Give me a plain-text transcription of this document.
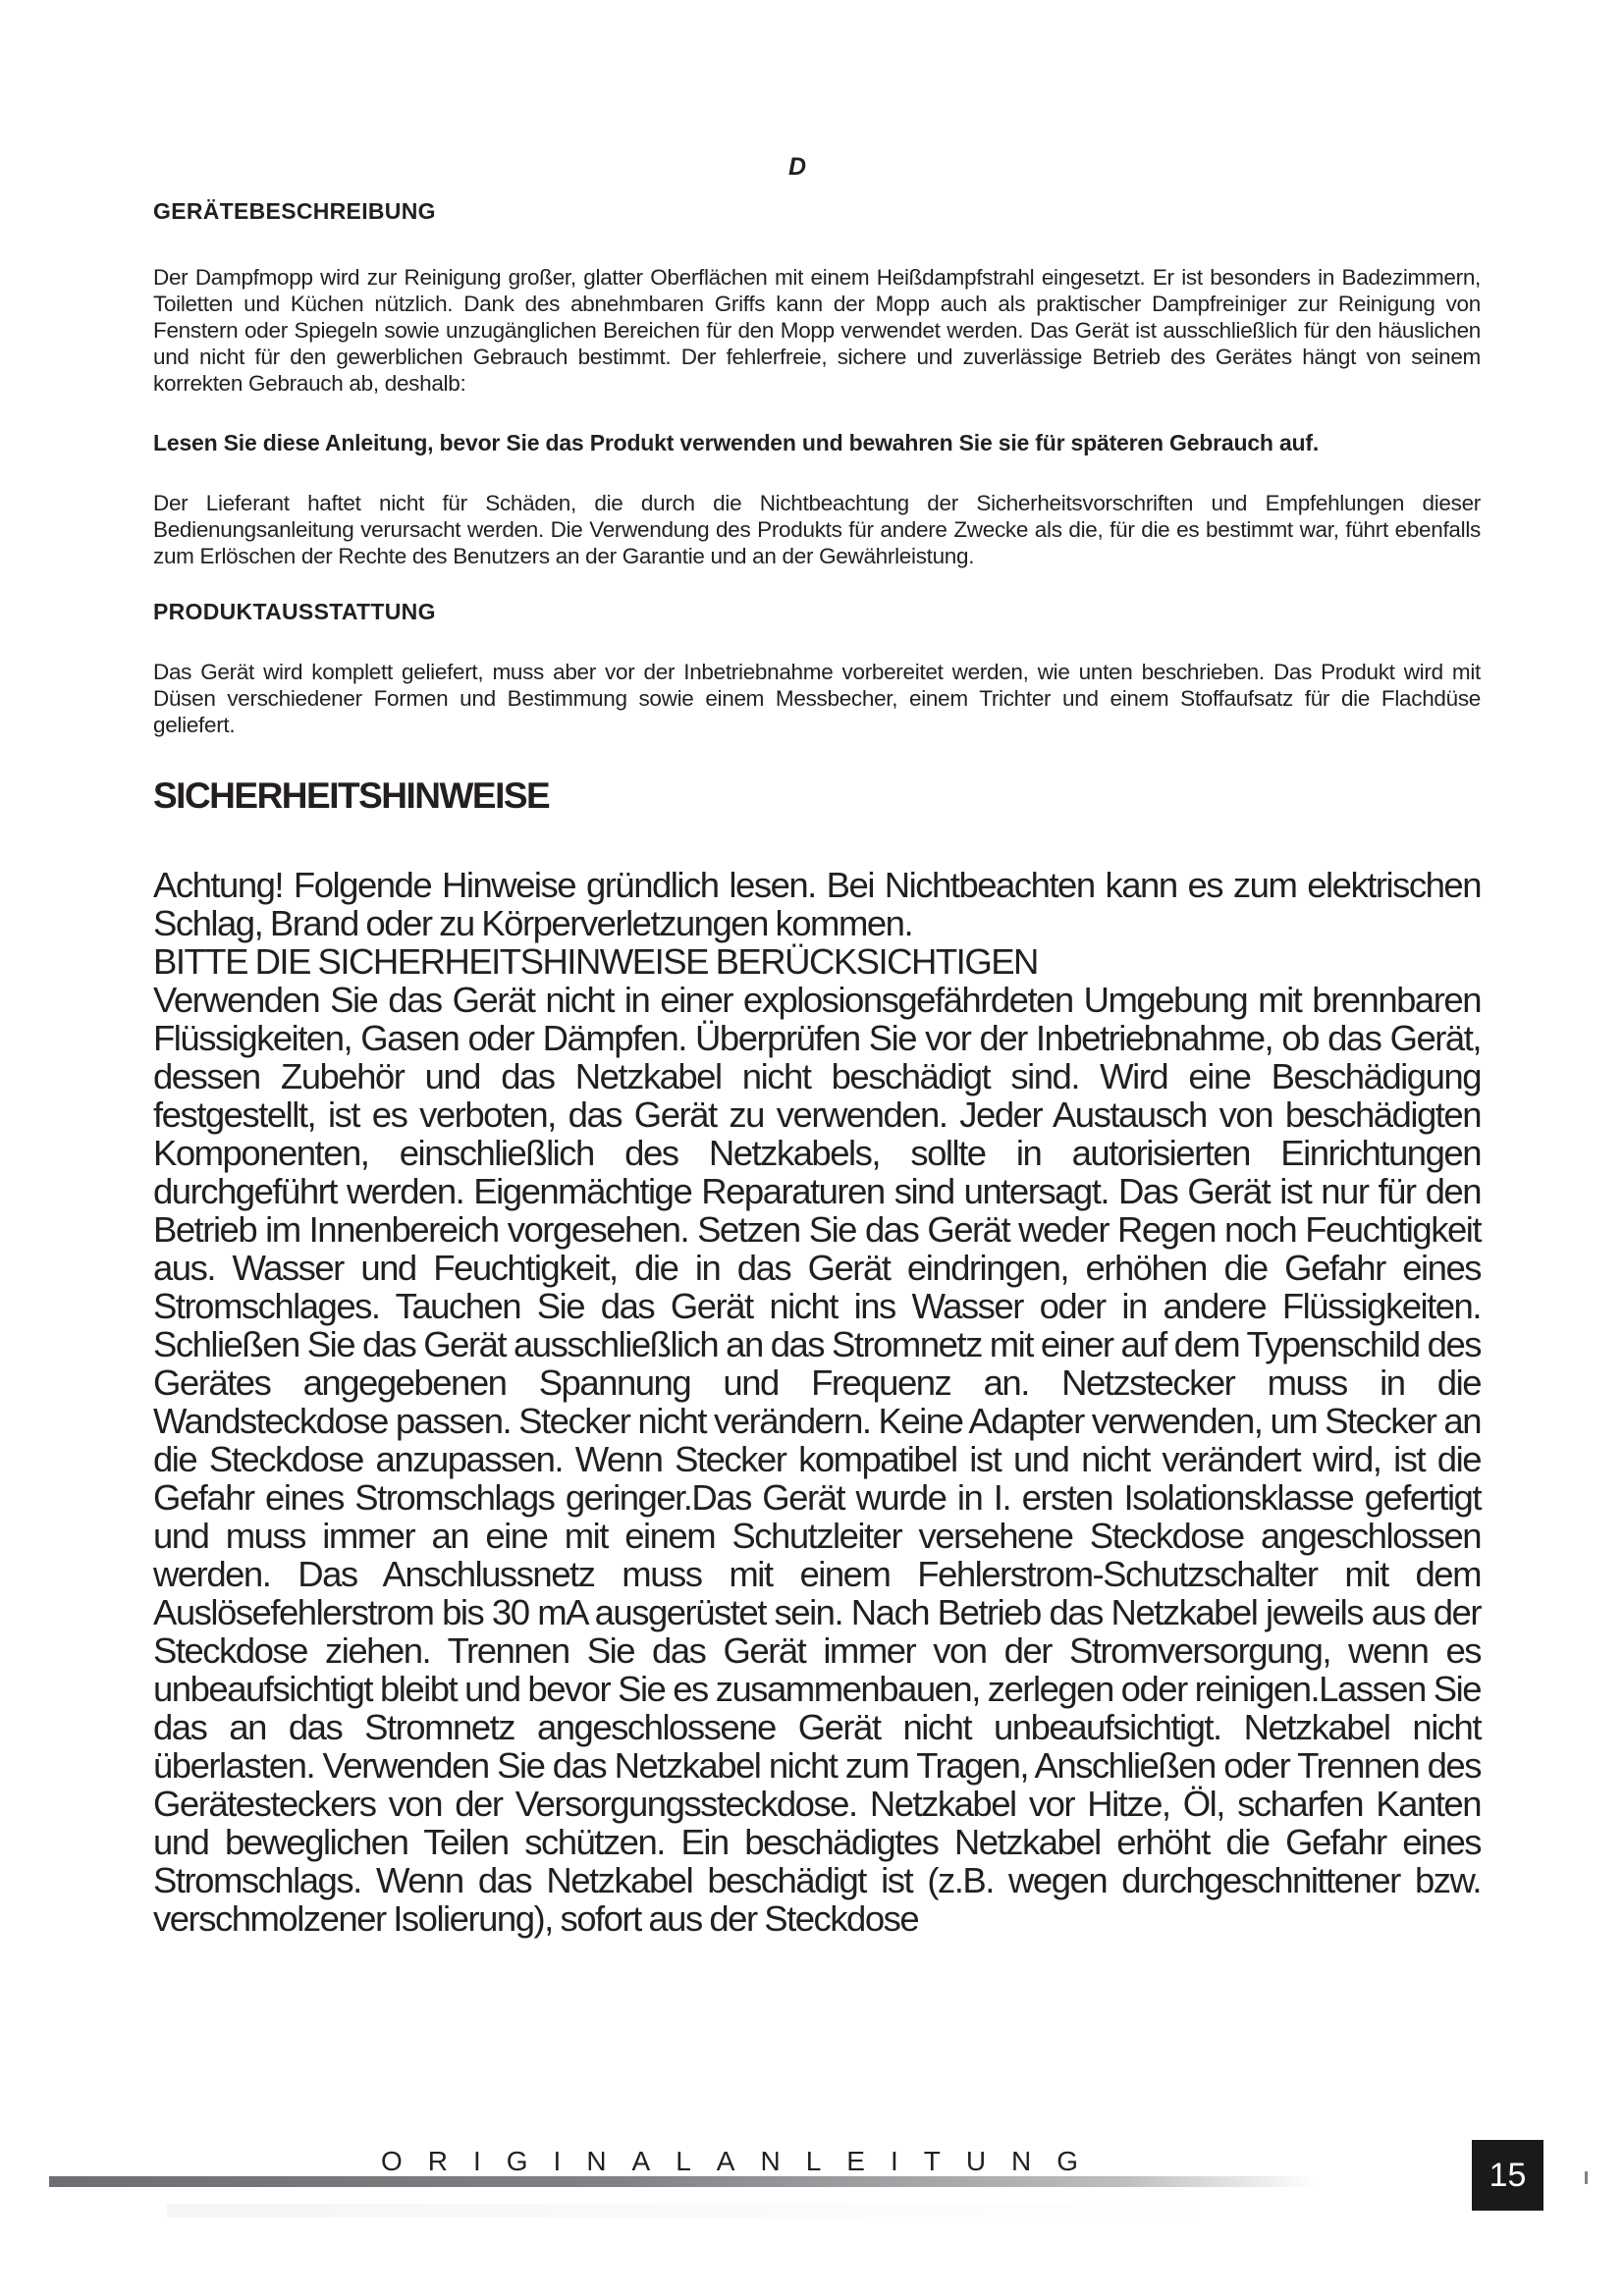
D
GERÄTEBESCHREIBUNG

Der Dampfmopp wird zur Reinigung großer, glatter Oberflächen mit einem Heißdampfstrahl eingesetzt. Er ist besonders in Badezimmern, Toiletten und Küchen nützlich. Dank des abnehmbaren Griffs kann der Mopp auch als praktischer Dampfreiniger zur Reinigung von Fenstern oder Spiegeln sowie unzugänglichen Bereichen für den Mopp verwendet werden. Das Gerät ist ausschließlich für den häuslichen und nicht für den gewerblichen Gebrauch bestimmt. Der fehlerfreie, sichere und zuverlässige Betrieb des Gerätes hängt von seinem korrekten Gebrauch ab, deshalb:

Lesen Sie diese Anleitung, bevor Sie das Produkt verwenden und bewahren Sie sie für späteren Gebrauch auf.

Der Lieferant haftet nicht für Schäden, die durch die Nichtbeachtung der Sicherheitsvorschriften und Empfehlungen dieser Bedienungsanleitung verursacht werden. Die Verwendung des Produkts für andere Zwecke als die, für die es bestimmt war, führt ebenfalls zum Erlöschen der Rechte des Benutzers an der Garantie und an der Gewährleistung.

PRODUKTAUSSTATTUNG

Das Gerät wird komplett geliefert, muss aber vor der Inbetriebnahme vorbereitet werden, wie unten beschrieben. Das Produkt wird mit Düsen verschiedener Formen und Bestimmung sowie einem Messbecher, einem Trichter und einem Stoffaufsatz für die Flachdüse geliefert.

SICHERHEITSHINWEISE

Achtung! Folgende Hinweise gründlich lesen. Bei Nichtbeachten kann es zum elektrischen Schlag, Brand oder zu Körperverletzungen kommen.

BITTE DIE SICHERHEITSHINWEISE BERÜCKSICHTIGEN

Verwenden Sie das Gerät nicht in einer explosionsgefährdeten Umgebung mit brennbaren Flüssigkeiten, Gasen oder Dämpfen. Überprüfen Sie vor der Inbetriebnahme, ob das Gerät, dessen Zubehör und das Netzkabel nicht beschädigt sind. Wird eine Beschädigung festgestellt, ist es verboten, das Gerät zu verwenden. Jeder Austausch von beschädigten Komponenten, einschließlich des Netzkabels, sollte in autorisierten Einrichtungen durchgeführt werden. Eigenmächtige Reparaturen sind untersagt. Das Gerät ist nur für den Betrieb im Innenbereich vorgesehen. Setzen Sie das Gerät weder Regen noch Feuchtigkeit aus. Wasser und Feuchtigkeit, die in das Gerät eindringen, erhöhen die Gefahr eines Stromschlages. Tauchen Sie das Gerät nicht ins Wasser oder in andere Flüssigkeiten. Schließen Sie das Gerät ausschließlich an das Stromnetz mit einer auf dem Typenschild des Gerätes angegebenen Spannung und Frequenz an. Netzstecker muss in die Wandsteckdose passen. Stecker nicht verändern. Keine Adapter verwenden, um Stecker an die Steckdose anzupassen. Wenn Stecker kompatibel ist und nicht verändert wird, ist die Gefahr eines Stromschlags geringer.Das Gerät wurde in I. ersten Isolationsklasse gefertigt und muss immer an eine mit einem Schutzleiter versehene Steckdose angeschlossen werden. Das Anschlussnetz muss mit einem Fehlerstrom-Schutzschalter mit dem Auslösefehlerstrom bis 30 mA ausgerüstet sein. Nach Betrieb das Netzkabel jeweils aus der Steckdose ziehen. Trennen Sie das Gerät immer von der Stromversorgung, wenn es unbeaufsichtigt bleibt und bevor Sie es zusammenbauen, zerlegen oder reinigen.Lassen Sie das an das Stromnetz angeschlossene Gerät nicht unbeaufsichtigt. Netzkabel nicht überlasten. Verwenden Sie das Netzkabel nicht zum Tragen, Anschließen oder Trennen des Gerätesteckers von der Versorgungssteckdose. Netzkabel vor Hitze, Öl, scharfen Kanten und beweglichen Teilen schützen. Ein beschädigtes Netzkabel erhöht die Gefahr eines Stromschlags. Wenn das Netzkabel beschädigt ist (z.B. wegen durchgeschnittener bzw. verschmolzener Isolierung), sofort aus der Steckdose

ORIGINALANLEITUNG	15
